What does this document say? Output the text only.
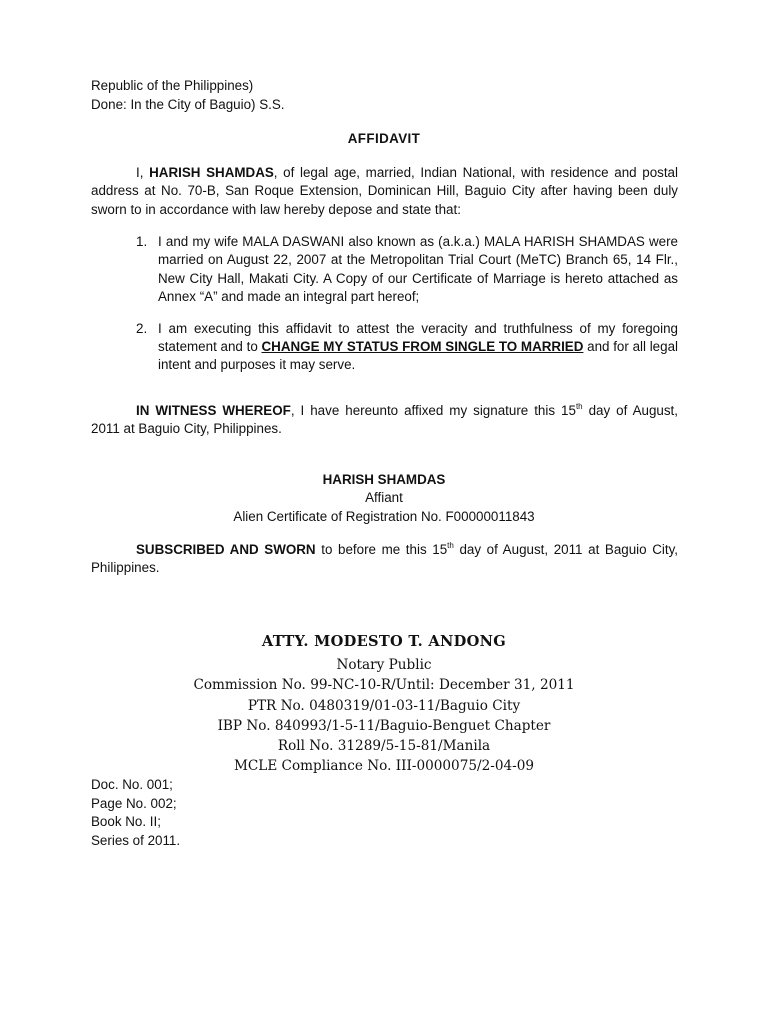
Republic of the Philippines)
Done: In the City of Baguio) S.S.
AFFIDAVIT
I, HARISH SHAMDAS, of legal age, married, Indian National, with residence and postal address at No. 70-B, San Roque Extension, Dominican Hill, Baguio City after having been duly sworn to in accordance with law hereby depose and state that:
1. I and my wife MALA DASWANI also known as (a.k.a.) MALA HARISH SHAMDAS were married on August 22, 2007 at the Metropolitan Trial Court (MeTC) Branch 65, 14 Flr., New City Hall, Makati City. A Copy of our Certificate of Marriage is hereto attached as Annex “A” and made an integral part hereof;
2. I am executing this affidavit to attest the veracity and truthfulness of my foregoing statement and to CHANGE MY STATUS FROM SINGLE TO MARRIED and for all legal intent and purposes it may serve.
IN WITNESS WHEREOF, I have hereunto affixed my signature this 15th day of August, 2011 at Baguio City, Philippines.
HARISH SHAMDAS
Affiant
Alien Certificate of Registration No. F00000011843
SUBSCRIBED AND SWORN to before me this 15th day of August, 2011 at Baguio City, Philippines.
ATTY. MODESTO T. ANDONG
Notary Public
Commission No. 99-NC-10-R/Until: December 31, 2011
PTR No. 0480319/01-03-11/Baguio City
IBP No. 840993/1-5-11/Baguio-Benguet Chapter
Roll No. 31289/5-15-81/Manila
MCLE Compliance No. III-0000075/2-04-09
Doc. No. 001;
Page No. 002;
Book No. II;
Series of 2011.
